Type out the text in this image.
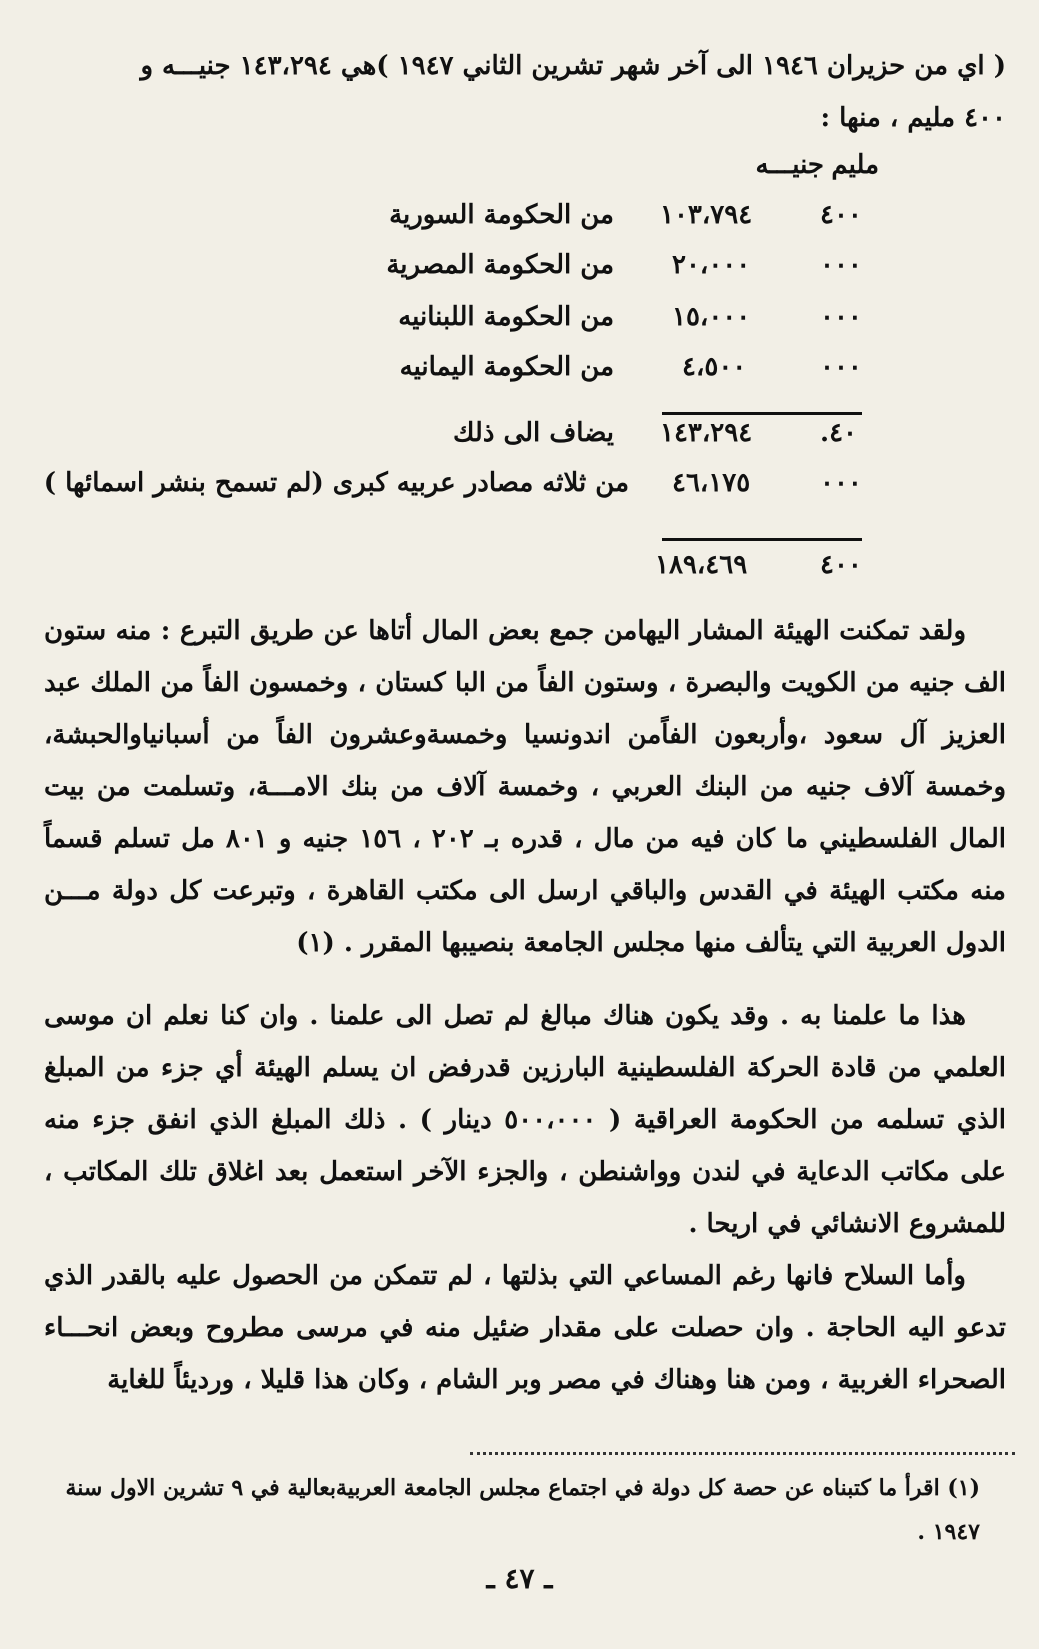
( اي من حزيران ١٩٤٦ الى آخر شهر تشرين الثاني ١٩٤٧ )هي ١٤٣،٢٩٤ جنيـــه و
٤٠٠ مليم ، منها :
مليم
جنيـــه
٤٠٠
١٠٣،٧٩٤
من الحكومة السورية
٠٠٠
٢٠،٠٠٠
من الحكومة المصرية
٠٠٠
١٥،٠٠٠
من الحكومة اللبنانيه
٠٠٠
٤،٥٠٠
من الحكومة اليمانيه
٤٠.
١٤٣،٢٩٤
يضاف الى ذلك
٠٠٠
٤٦،١٧٥
من ثلاثه مصادر عربيه كبرى (لم تسمح بنشر اسمائها )
٤٠٠
١٨٩،٤٦٩
ولقد تمكنت الهيئة المشار اليهامن جمع بعض المال أتاها عن طريق التبرع : منه ستون الف جنيه من الكويت والبصرة ، وستون الفاً من البا كستان ، وخمسون الفاً من الملك عبد العزيز آل سعود ،وأربعون الفاًمن اندونسيا وخمسةوعشرون الفاً من أسبانياوالحبشة، وخمسة آلاف جنيه من البنك العربي ، وخمسة آلاف من بنك الامـــة، وتسلمت من بيت المال الفلسطيني ما كان فيه من مال ، قدره بـ ٢٠٢ ، ١٥٦ جنيه و ٨٠١ مل تسلم قسماً منه مكتب الهيئة في القدس والباقي ارسل الى مكتب القاهرة ، وتبرعت كل دولة مـــن الدول العربية التي يتألف منها مجلس الجامعة بنصيبها المقرر . (١)
هذا ما علمنا به . وقد يكون هناك مبالغ لم تصل الى علمنا . وان كنا نعلم ان موسى العلمي من قادة الحركة الفلسطينية البارزين قدرفض ان يسلم الهيئة أي جزء من المبلغ الذي تسلمه من الحكومة العراقية ( ٥٠٠،٠٠٠ دينار ) . ذلك المبلغ الذي انفق جزء منه على مكاتب الدعاية في لندن وواشنطن ، والجزء الآخر استعمل بعد اغلاق تلك المكاتب ، للمشروع الانشائي في اريحا .
وأما السلاح فانها رغم المساعي التي بذلتها ، لم تتمكن من الحصول عليه بالقدر الذي تدعو اليه الحاجة . وان حصلت على مقدار ضئيل منه في مرسى مطروح وبعض انحـــاء الصحراء الغربية ، ومن هنا وهناك في مصر وبر الشام ، وكان هذا قليلا ، ورديئاً للغاية
(١) اقرأ ما كتبناه عن حصة كل دولة في اجتماع مجلس الجامعة العربيةبعالية في ٩ تشرين الاول سنة ١٩٤٧ .
ـ ٤٧ ـ
